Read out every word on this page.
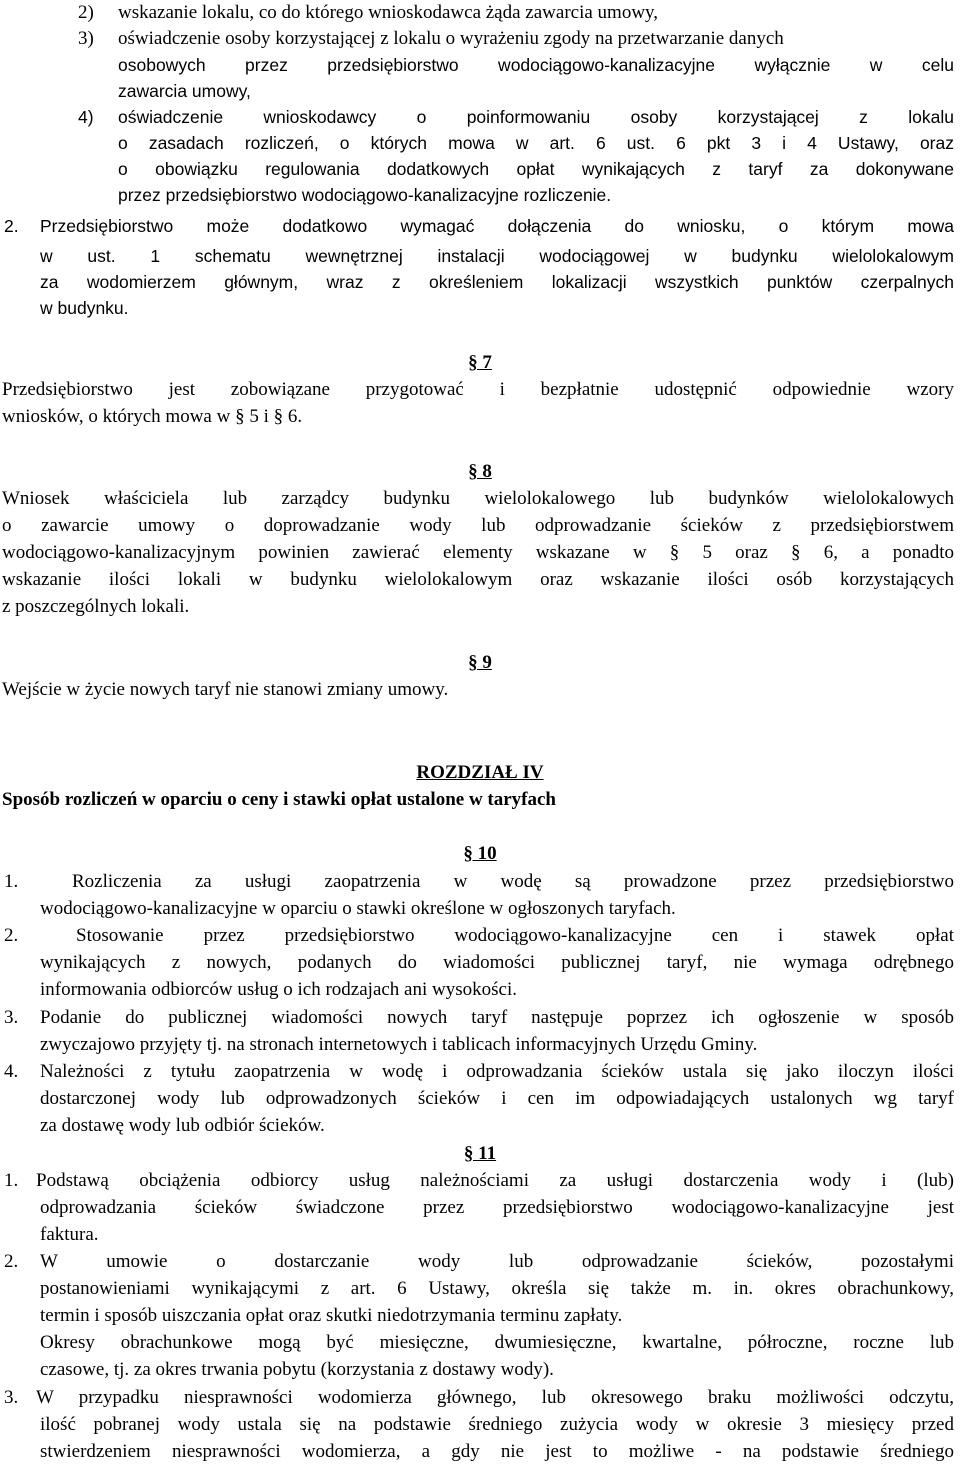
2) wskazanie lokalu, co do którego wnioskodawca żąda zawarcia umowy,
3) oświadczenie osoby korzystającej z lokalu o wyrażeniu zgody na przetwarzanie danych
osobowych przez przedsiębiorstwo wodociągowo-kanalizacyjne wyłącznie w celu
zawarcia umowy,
4) oświadczenie wnioskodawcy o poinformowaniu osoby korzystającej z lokalu
o zasadach rozliczeń, o których mowa w art. 6 ust. 6 pkt 3 i 4 Ustawy, oraz
o obowiązku regulowania dodatkowych opłat wynikających z taryf za dokonywane
przez przedsiębiorstwo wodociągowo-kanalizacyjne rozliczenie.
2. Przedsiębiorstwo może dodatkowo wymagać dołączenia do wniosku, o którym mowa
w ust. 1 schematu wewnętrznej instalacji wodociągowej w budynku wielolokalowym
za wodomierzem głównym, wraz z określeniem lokalizacji wszystkich punktów czerpalnych
w budynku.
§ 7
Przedsiębiorstwo jest zobowiązane przygotować i bezpłatnie udostępnić odpowiednie wzory
wniosków, o których mowa w § 5 i § 6.
§ 8
Wniosek właściciela lub zarządcy budynku wielolokalowego lub budynków wielolokalowych
o zawarcie umowy o doprowadzanie wody lub odprowadzanie ścieków z przedsiębiorstwem
wodociągowo-kanalizacyjnym powinien zawierać elementy wskazane w § 5 oraz § 6, a ponadto
wskazanie ilości lokali w budynku wielolokalowym oraz wskazanie ilości osób korzystających
z poszczególnych lokali.
§ 9
Wejście w życie nowych taryf nie stanowi zmiany umowy.
ROZDZIAŁ IV
Sposób rozliczeń w oparciu o ceny i stawki opłat ustalone w taryfach
§ 10
1.	Rozliczenia za usługi zaopatrzenia w wodę są prowadzone przez przedsiębiorstwo
wodociągowo-kanalizacyjne w oparciu o stawki określone w ogłoszonych taryfach.
2.	Stosowanie przez przedsiębiorstwo wodociągowo-kanalizacyjne cen i stawek opłat
wynikających z nowych, podanych do wiadomości publicznej taryf, nie wymaga odrębnego
informowania odbiorców usług o ich rodzajach ani wysokości.
3. Podanie do publicznej wiadomości nowych taryf następuje poprzez ich ogłoszenie w sposób
zwyczajowo przyjęty tj. na stronach internetowych i tablicach informacyjnych Urzędu Gminy.
4. Należności z tytułu zaopatrzenia w wodę i odprowadzania ścieków ustala się jako iloczyn ilości
dostarczonej wody lub odprowadzonych ścieków i cen im odpowiadających ustalonych wg taryf
za dostawę wody lub odbiór ścieków.
§ 11
1. Podstawą obciążenia odbiorcy usług należnościami za usługi dostarczenia wody i (lub)
odprowadzania ścieków świadczone przez przedsiębiorstwo wodociągowo-kanalizacyjne jest
faktura.
2. W umowie o dostarczanie wody lub odprowadzanie ścieków, pozostałymi
postanowieniami wynikającymi z art. 6 Ustawy, określa się także m. in. okres obrachunkowy,
termin i sposób uiszczania opłat oraz skutki niedotrzymania terminu zapłaty.
Okresy obrachunkowe mogą być miesięczne, dwumiesięczne, kwartalne, półroczne, roczne lub
czasowe, tj. za okres trwania pobytu (korzystania z dostawy wody).
3. W przypadku niesprawności wodomierza głównego, lub okresowego braku możliwości odczytu,
ilość pobranej wody ustala się na podstawie średniego zużycia wody w okresie 3 miesięcy przed
stwierdzeniem niesprawności wodomierza, a gdy nie jest to możliwe - na podstawie średniego
